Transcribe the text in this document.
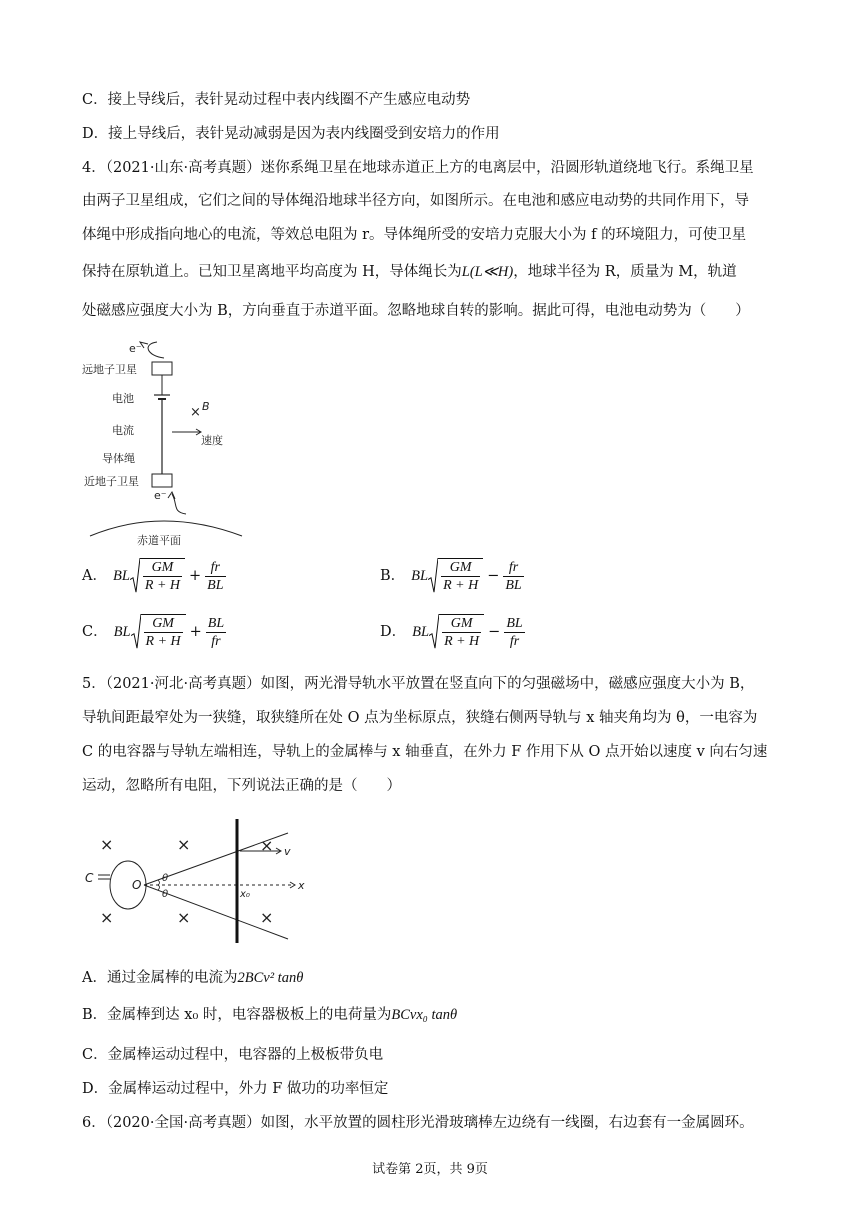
C．接上导线后，表针晃动过程中表内线圈不产生感应电动势
D．接上导线后，表针晃动减弱是因为表内线圈受到安培力的作用
4．（2021·山东·高考真题）迷你系绳卫星在地球赤道正上方的电离层中，沿圆形轨道绕地飞行。系绳卫星
由两子卫星组成，它们之间的导体绳沿地球半径方向，如图所示。在电池和感应电动势的共同作用下，导
体绳中形成指向地心的电流，等效总电阻为 r。导体绳所受的安培力克服大小为 f 的环境阻力，可使卫星
保持在原轨道上。已知卫星离地平均高度为 H，导体绳长为L(L≪H)，地球半径为 R，质量为 M，轨道
处磁感应强度大小为 B，方向垂直于赤道平面。忽略地球自转的影响。据此可得，电池电动势为（　　）
e⁻
远地子卫星
电池
电流
导体绳
× B
速度
近地子卫星
e⁻
赤道平面
A． BL $\frac{GM}{R + H} + \frac{fr}{BL}$	B． BL $\frac{GM}{R + H} - \frac{fr}{BL}$
C． BL $\frac{GM}{R + H} + \frac{BL}{fr}$	D． BL $\frac{GM}{R + H} - \frac{BL}{fr}$
5．（2021·河北·高考真题）如图，两光滑导轨水平放置在竖直向下的匀强磁场中，磁感应强度大小为 B，
导轨间距最窄处为一狭缝，取狭缝所在处 O 点为坐标原点，狭缝右侧两导轨与 x 轴夹角均为 θ，一电容为
C 的电容器与导轨左端相连，导轨上的金属棒与 x 轴垂直，在外力 F 作用下从 O 点开始以速度 v 向右匀速
运动，忽略所有电阻，下列说法正确的是（　　）
×	×
×	×
×
×
C	O	x
θ
θ	x₀
v
A．通过金属棒的电流为2BCv² tanθ
B．金属棒到达 x₀ 时，电容器极板上的电荷量为BCvx₀ tanθ
C．金属棒运动过程中，电容器的上极板带负电
D．金属棒运动过程中，外力 F 做功的功率恒定
6．（2020·全国·高考真题）如图，水平放置的圆柱形光滑玻璃棒左边绕有一线圈，右边套有一金属圆环。
试卷第 2页，共 9页
